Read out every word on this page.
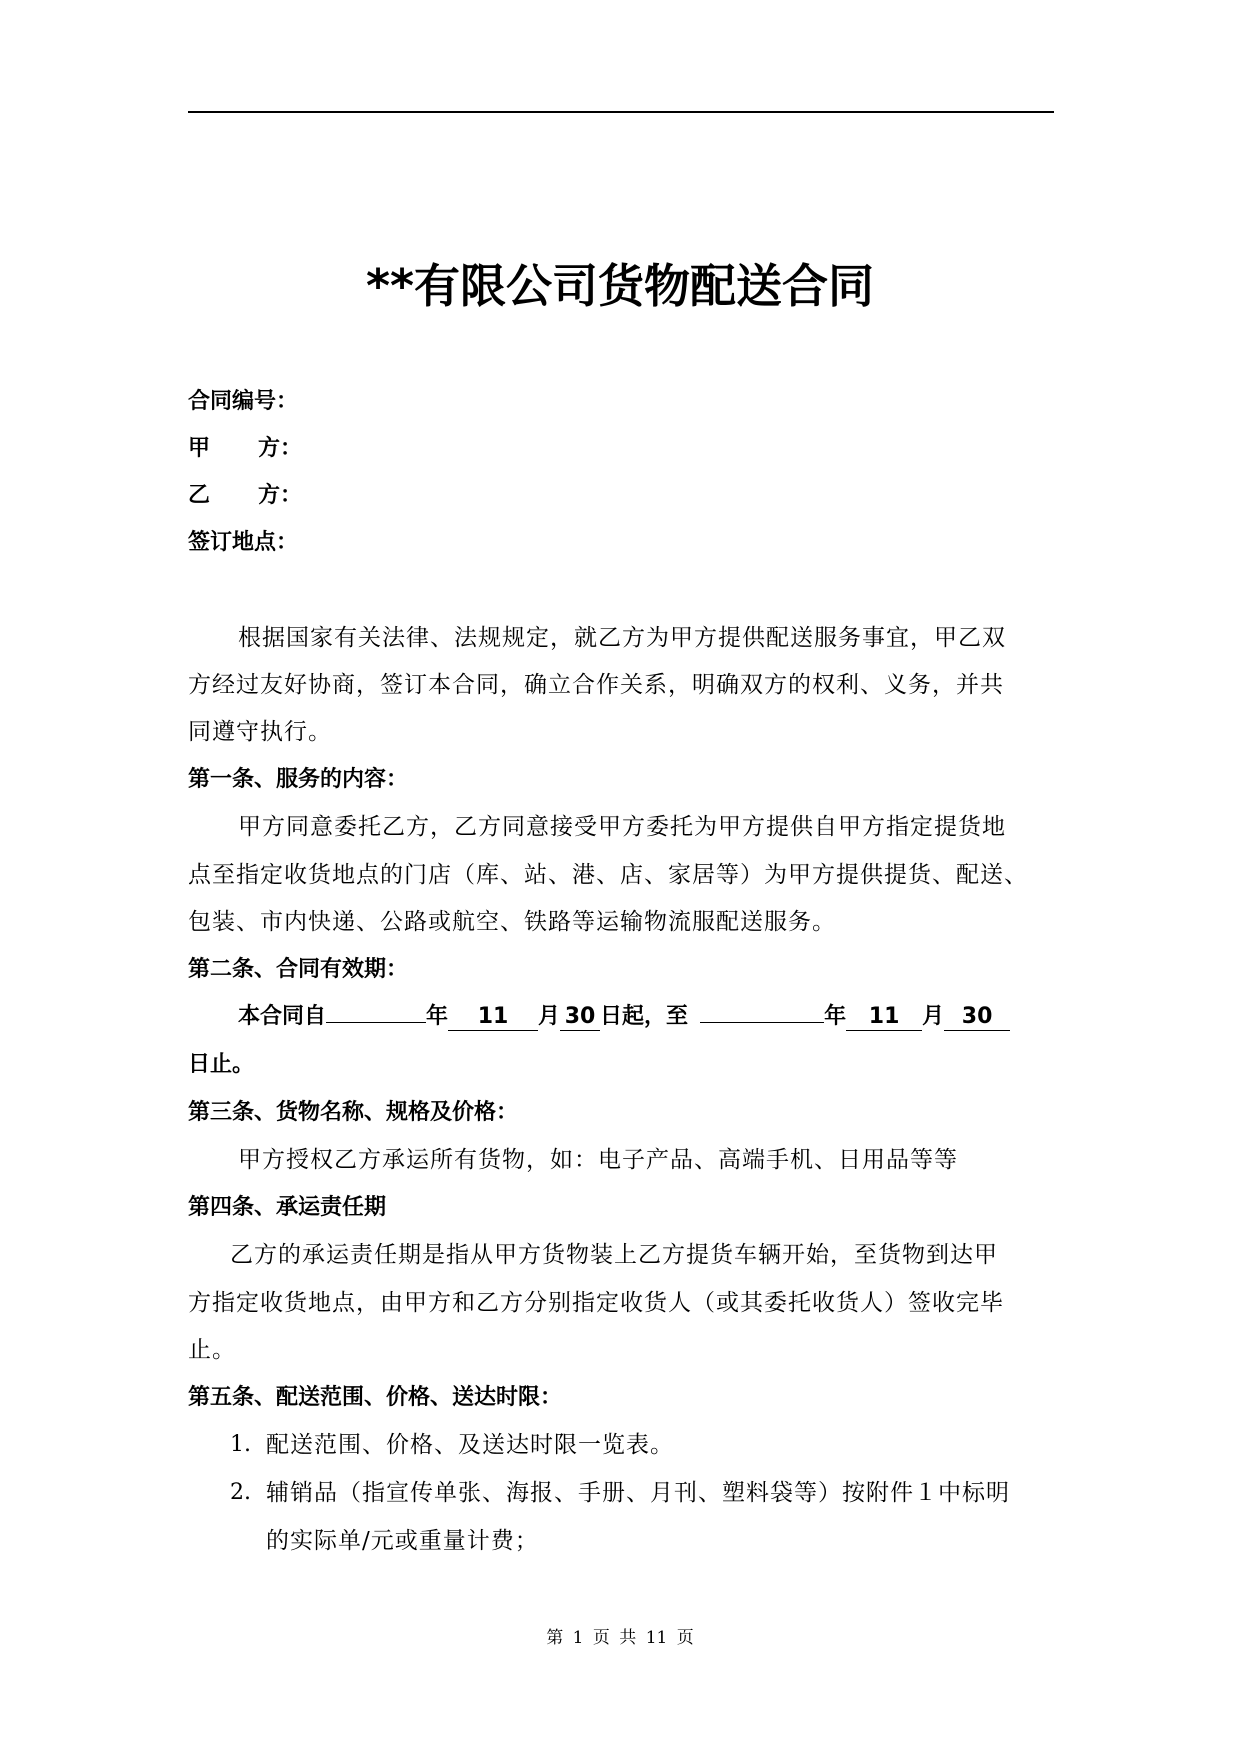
**有限公司货物配送合同
合同编号：
甲 方：
乙 方：
签订地点：
根据国家有关法律、法规规定，就乙方为甲方提供配送服务事宜，甲乙双
方经过友好协商，签订本合同，确立合作关系，明确双方的权利、义务，并共
同遵守执行。
第一条、服务的内容：
甲方同意委托乙方，乙方同意接受甲方委托为甲方提供自甲方指定提货地
点至指定收货地点的门店（库、站、港、店、家居等）为甲方提供提货、配送、
包装、市内快递、公路或航空、铁路等运输物流服配送服务。
第二条、合同有效期：
本合同自	年 11 月 30 日起，至	年 11 月 30
日止。
第三条、货物名称、规格及价格：
甲方授权乙方承运所有货物，如：电子产品、高端手机、日用品等等
第四条、承运责任期
乙方的承运责任期是指从甲方货物装上乙方提货车辆开始，至货物到达甲
方指定收货地点，由甲方和乙方分别指定收货人（或其委托收货人）签收完毕
止。
第五条、配送范围、价格、送达时限：
1. 配送范围、价格、及送达时限一览表。
2. 辅销品（指宣传单张、海报、手册、月刊、塑料袋等）按附件１中标明
的实际单/元或重量计费；
第 1 页 共 11 页
